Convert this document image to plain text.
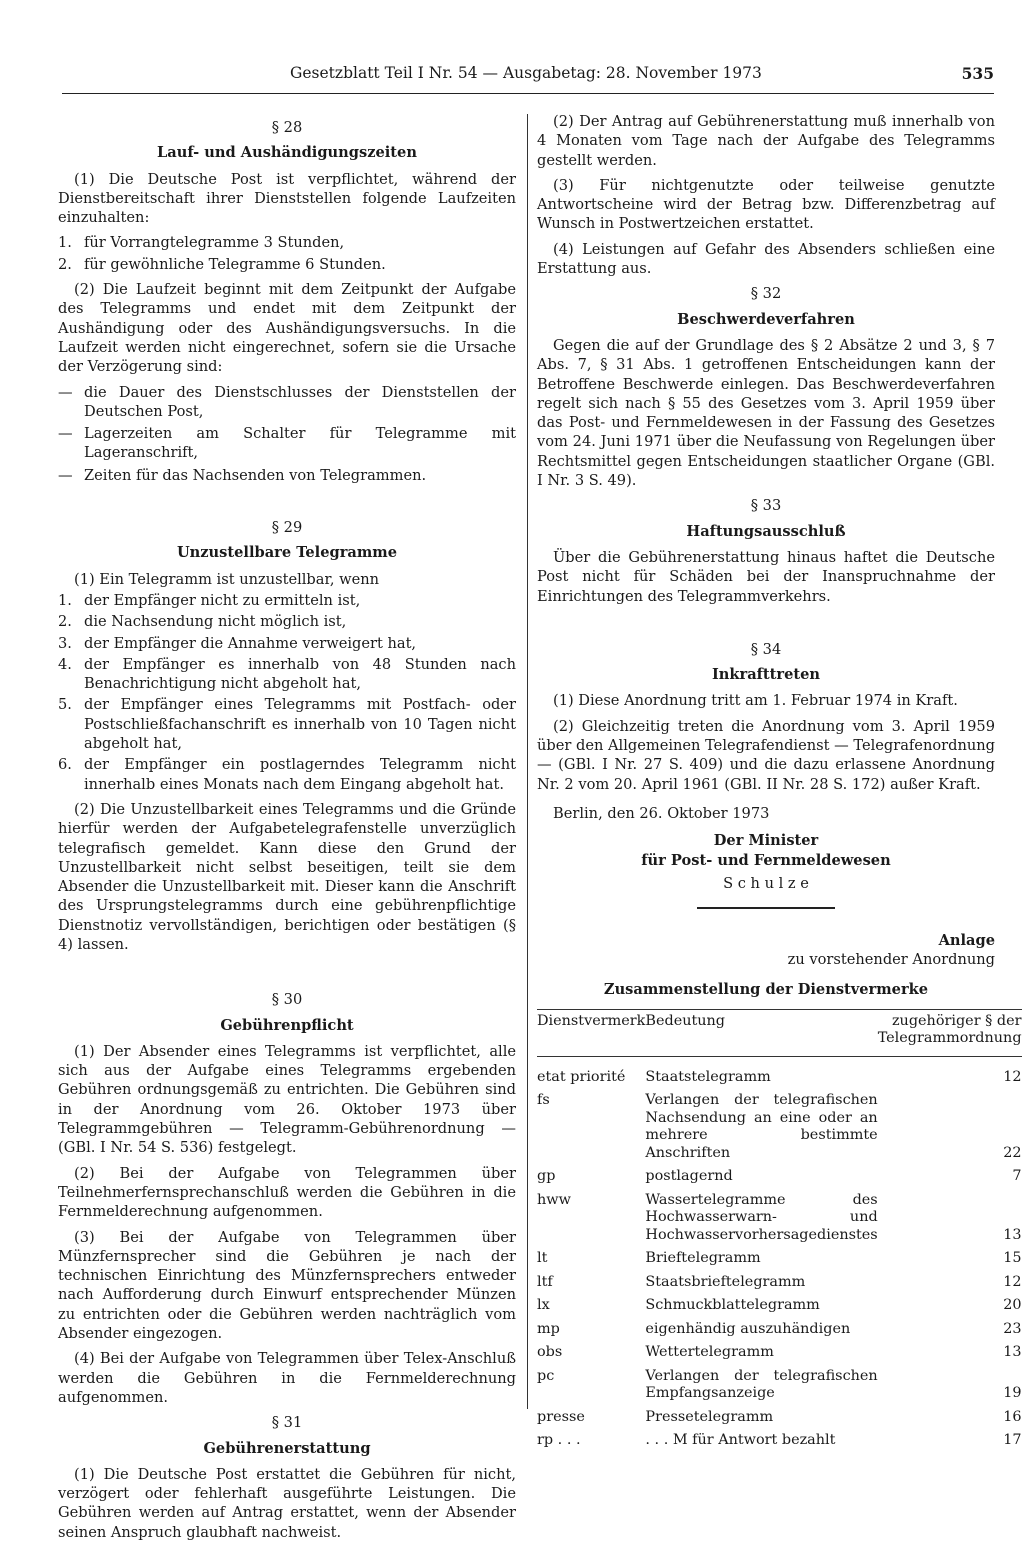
Gesetzblatt Teil I Nr. 54 — Ausgabetag: 28. November 1973	535
§ 28
Lauf- und Aushändigungszeiten

(1) Die Deutsche Post ist verpflichtet, während der Dienstbereitschaft ihrer Dienststellen folgende Laufzeiten einzuhalten:

1. für Vorrangtelegramme 3 Stunden,
2. für gewöhnliche Telegramme 6 Stunden.

(2) Die Laufzeit beginnt mit dem Zeitpunkt der Aufgabe des Telegramms und endet mit dem Zeitpunkt der Aushändigung oder des Aushändigungsversuchs. In die Laufzeit werden nicht eingerechnet, sofern sie die Ursache der Verzögerung sind:

— die Dauer des Dienstschlusses der Dienststellen der Deutschen Post,
— Lagerzeiten am Schalter für Telegramme mit Lageranschrift,
— Zeiten für das Nachsenden von Telegrammen.
§ 29
Unzustellbare Telegramme

(1) Ein Telegramm ist unzustellbar, wenn

1. der Empfänger nicht zu ermitteln ist,
2. die Nachsendung nicht möglich ist,
3. der Empfänger die Annahme verweigert hat,
4. der Empfänger es innerhalb von 48 Stunden nach Benachrichtigung nicht abgeholt hat,
5. der Empfänger eines Telegramms mit Postfach- oder Postschließfachanschrift es innerhalb von 10 Tagen nicht abgeholt hat,
6. der Empfänger ein postlagerndes Telegramm nicht innerhalb eines Monats nach dem Eingang abgeholt hat.

(2) Die Unzustellbarkeit eines Telegramms und die Gründe hierfür werden der Aufgabetelegrafenstelle unverzüglich telegrafisch gemeldet. Kann diese den Grund der Unzustellbarkeit nicht selbst beseitigen, teilt sie dem Absender die Unzustellbarkeit mit. Dieser kann die Anschrift des Ursprungstelegramms durch eine gebührenpflichtige Dienstnotiz vervollständigen, berichtigen oder bestätigen (§ 4) lassen.

§ 30
Gebührenpflicht

(1) Der Absender eines Telegramms ist verpflichtet, alle sich aus der Aufgabe eines Telegramms ergebenden Gebühren ordnungsgemäß zu entrichten. Die Gebühren sind in der Anordnung vom 26. Oktober 1973 über Telegrammgebühren — Telegramm-Gebührenordnung — (GBl. I Nr. 54 S. 536) festgelegt.

(2) Bei der Aufgabe von Telegrammen über Teilnehmerfernsprechanschluß werden die Gebühren in die Fernmelderechnung aufgenommen.

(3) Bei der Aufgabe von Telegrammen über Münzfernsprecher sind die Gebühren je nach der technischen Einrichtung des Münzfernsprechers entweder nach Aufforderung durch Einwurf entsprechender Münzen zu entrichten oder die Gebühren werden nachträglich vom Absender eingezogen.

(4) Bei der Aufgabe von Telegrammen über Telex-Anschluß werden die Gebühren in die Fernmelderechnung aufgenommen.

§ 31
Gebührenerstattung

(1) Die Deutsche Post erstattet die Gebühren für nicht, verzögert oder fehlerhaft ausgeführte Leistungen. Die Gebühren werden auf Antrag erstattet, wenn der Absender seinen Anspruch glaubhaft nachweist.

(2) Der Antrag auf Gebührenerstattung muß innerhalb von 4 Monaten vom Tage nach der Aufgabe des Telegramms gestellt werden.

(3) Für nichtgenutzte oder teilweise genutzte Antwortscheine wird der Betrag bzw. Differenzbetrag auf Wunsch in Postwertzeichen erstattet.

(4) Leistungen auf Gefahr des Absenders schließen eine Erstattung aus.

§ 32
Beschwerdeverfahren

Gegen die auf der Grundlage des § 2 Absätze 2 und 3, § 7 Abs. 7, § 31 Abs. 1 getroffenen Entscheidungen kann der Betroffene Beschwerde einlegen. Das Beschwerdeverfahren regelt sich nach § 55 des Gesetzes vom 3. April 1959 über das Post- und Fernmeldewesen in der Fassung des Gesetzes vom 24. Juni 1971 über die Neufassung von Regelungen über Rechtsmittel gegen Entscheidungen staatlicher Organe (GBl. I Nr. 3 S. 49).

§ 33
Haftungsausschluß

Über die Gebührenerstattung hinaus haftet die Deutsche Post nicht für Schäden bei der Inanspruchnahme der Einrichtungen des Telegrammverkehrs.

§ 34
Inkrafttreten

(1) Diese Anordnung tritt am 1. Februar 1974 in Kraft.

(2) Gleichzeitig treten die Anordnung vom 3. April 1959 über den Allgemeinen Telegrafendienst — Telegrafenordnung — (GBl. I Nr. 27 S. 409) und die dazu erlassene Anordnung Nr. 2 vom 20. April 1961 (GBl. II Nr. 28 S. 172) außer Kraft.

Berlin, den 26. Oktober 1973

Der Minister
für Post- und Fernmeldewesen
S c h u l z e
Anlage
zu vorstehender Anordnung
Zusammenstellung der Dienstvermerke
Dienstvermerk	Bedeutung	zugehöriger § der Telegrammordnung
etat priorité	Staatstelegramm	12
fs	Verlangen der telegrafischen Nachsendung an eine oder an mehrere bestimmte Anschriften	22
gp	postlagernd	7
hww	Wassertelegramme des Hochwasserwarn- und Hochwasservorhersagedienstes	13
lt	Brieftelegramm	15
ltf	Staatsbrieftelegramm	12
lx	Schmuckblattelegramm	20
mp	eigenhändig auszuhändigen	23
obs	Wettertelegramm	13
pc	Verlangen der telegrafischen Empfangsanzeige	19
presse	Pressetelegramm	16
rp . . .	. . . M für Antwort bezahlt	17
